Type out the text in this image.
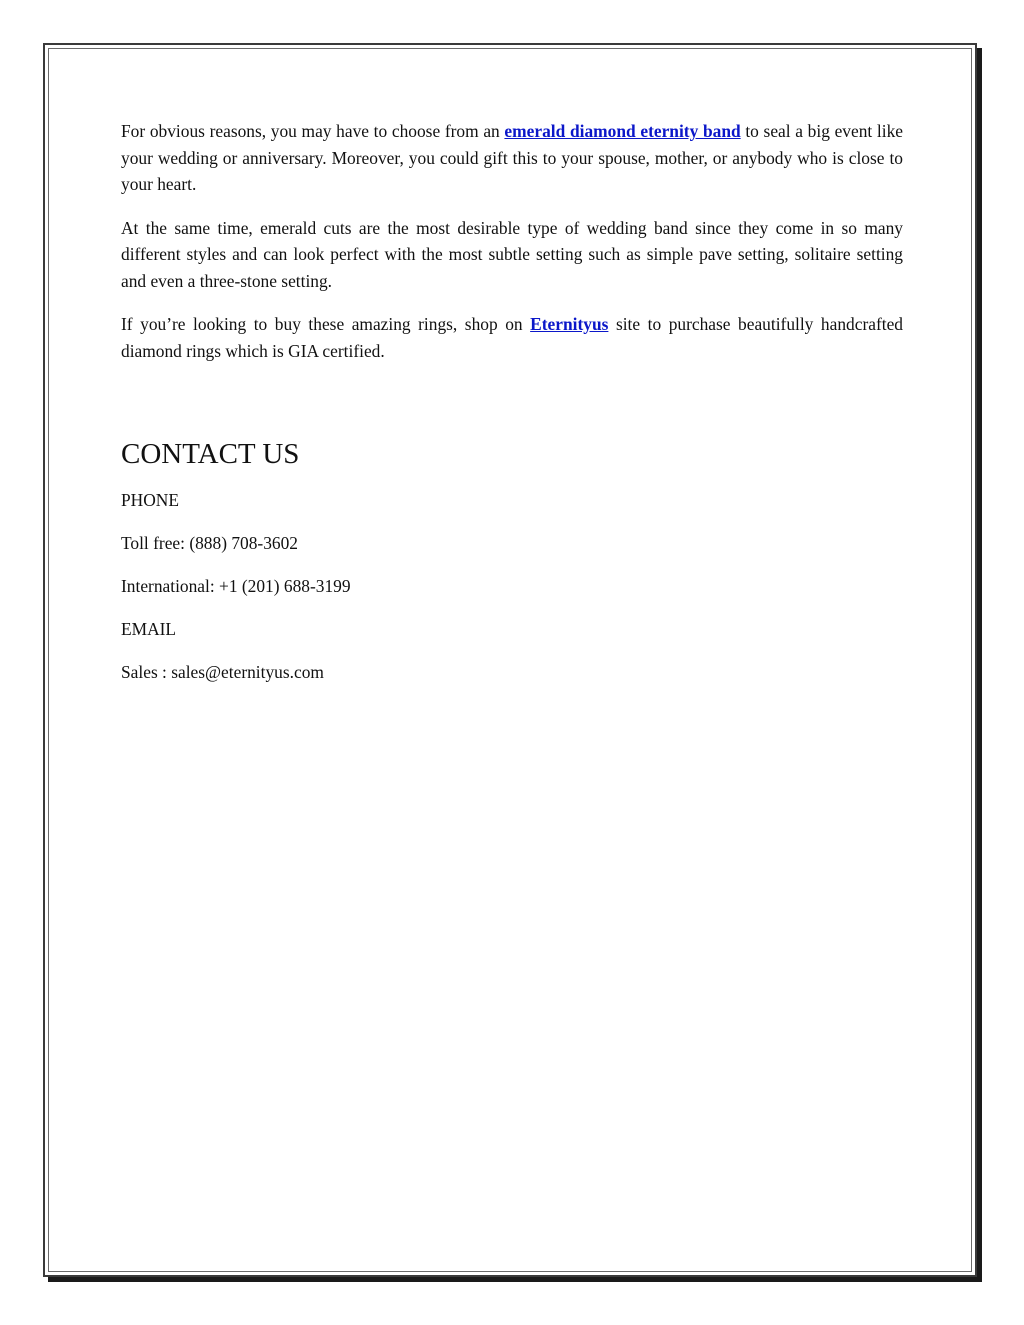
For obvious reasons, you may have to choose from an emerald diamond eternity band to seal a big event like your wedding or anniversary. Moreover, you could gift this to your spouse, mother, or anybody who is close to your heart.

At the same time, emerald cuts are the most desirable type of wedding band since they come in so many different styles and can look perfect with the most subtle setting such as simple pave setting, solitaire setting and even a three-stone setting.

If you’re looking to buy these amazing rings, shop on Eternityus site to purchase beautifully handcrafted diamond rings which is GIA certified.

CONTACT US
PHONE
Toll free: (888) 708-3602
International: +1 (201) 688-3199
EMAIL
Sales : sales@eternityus.com
